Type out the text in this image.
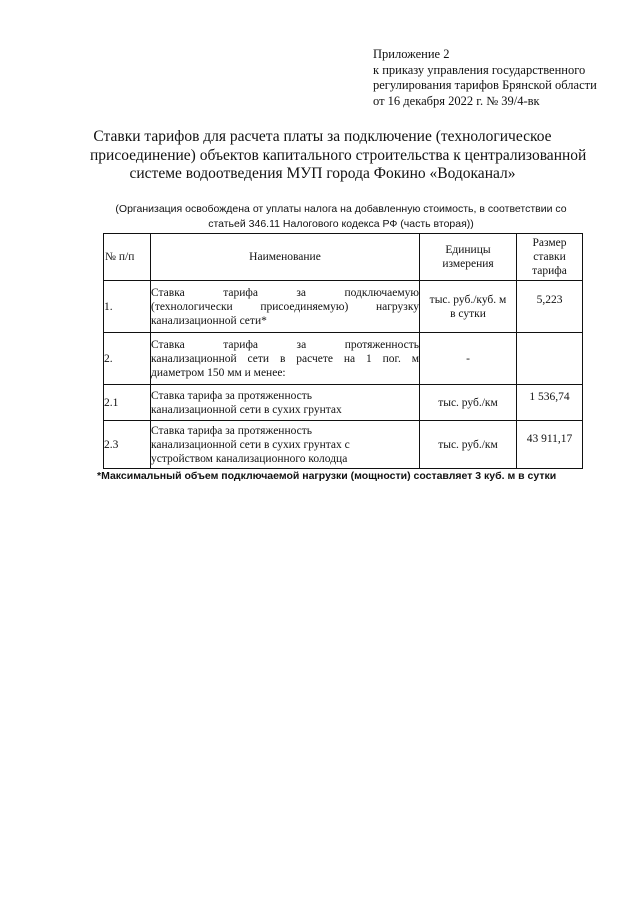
Приложение 2
к приказу управления государственного
регулирования тарифов Брянской области
от 16 декабря 2022 г. № 39/4-вк
Ставки тарифов для расчета платы за подключение (технологическое
присоединение) объектов капитального строительства к централизованной
системе водоотведения МУП города Фокино «Водоканал»
(Организация освобождена от уплаты налога на добавленную стоимость, в соответствии со
статьей 346.11 Налогового кодекса РФ (часть вторая))
№ п/п	Наименование	Единицы
измерения	Размер
ставки
тарифа

1.	Ставка тарифа за подключаемую
(технологически присоединяемую) нагрузку
канализационной сети*	тыс. руб./куб. м
в сутки	5,223
2.	Ставка тарифа за протяженность
канализационной сети в расчете на 1 пог. м
диаметром 150 мм и менее:	-	
2.1	Ставка тарифа за протяженность
канализационной сети в сухих грунтах	тыс. руб./км	1 536,74
2.3	Ставка тарифа за протяженность
канализационной сети в сухих грунтах с
устройством канализационного колодца	тыс. руб./км	43 911,17
*Максимальный объем подключаемой нагрузки (мощности) составляет 3 куб. м в сутки
